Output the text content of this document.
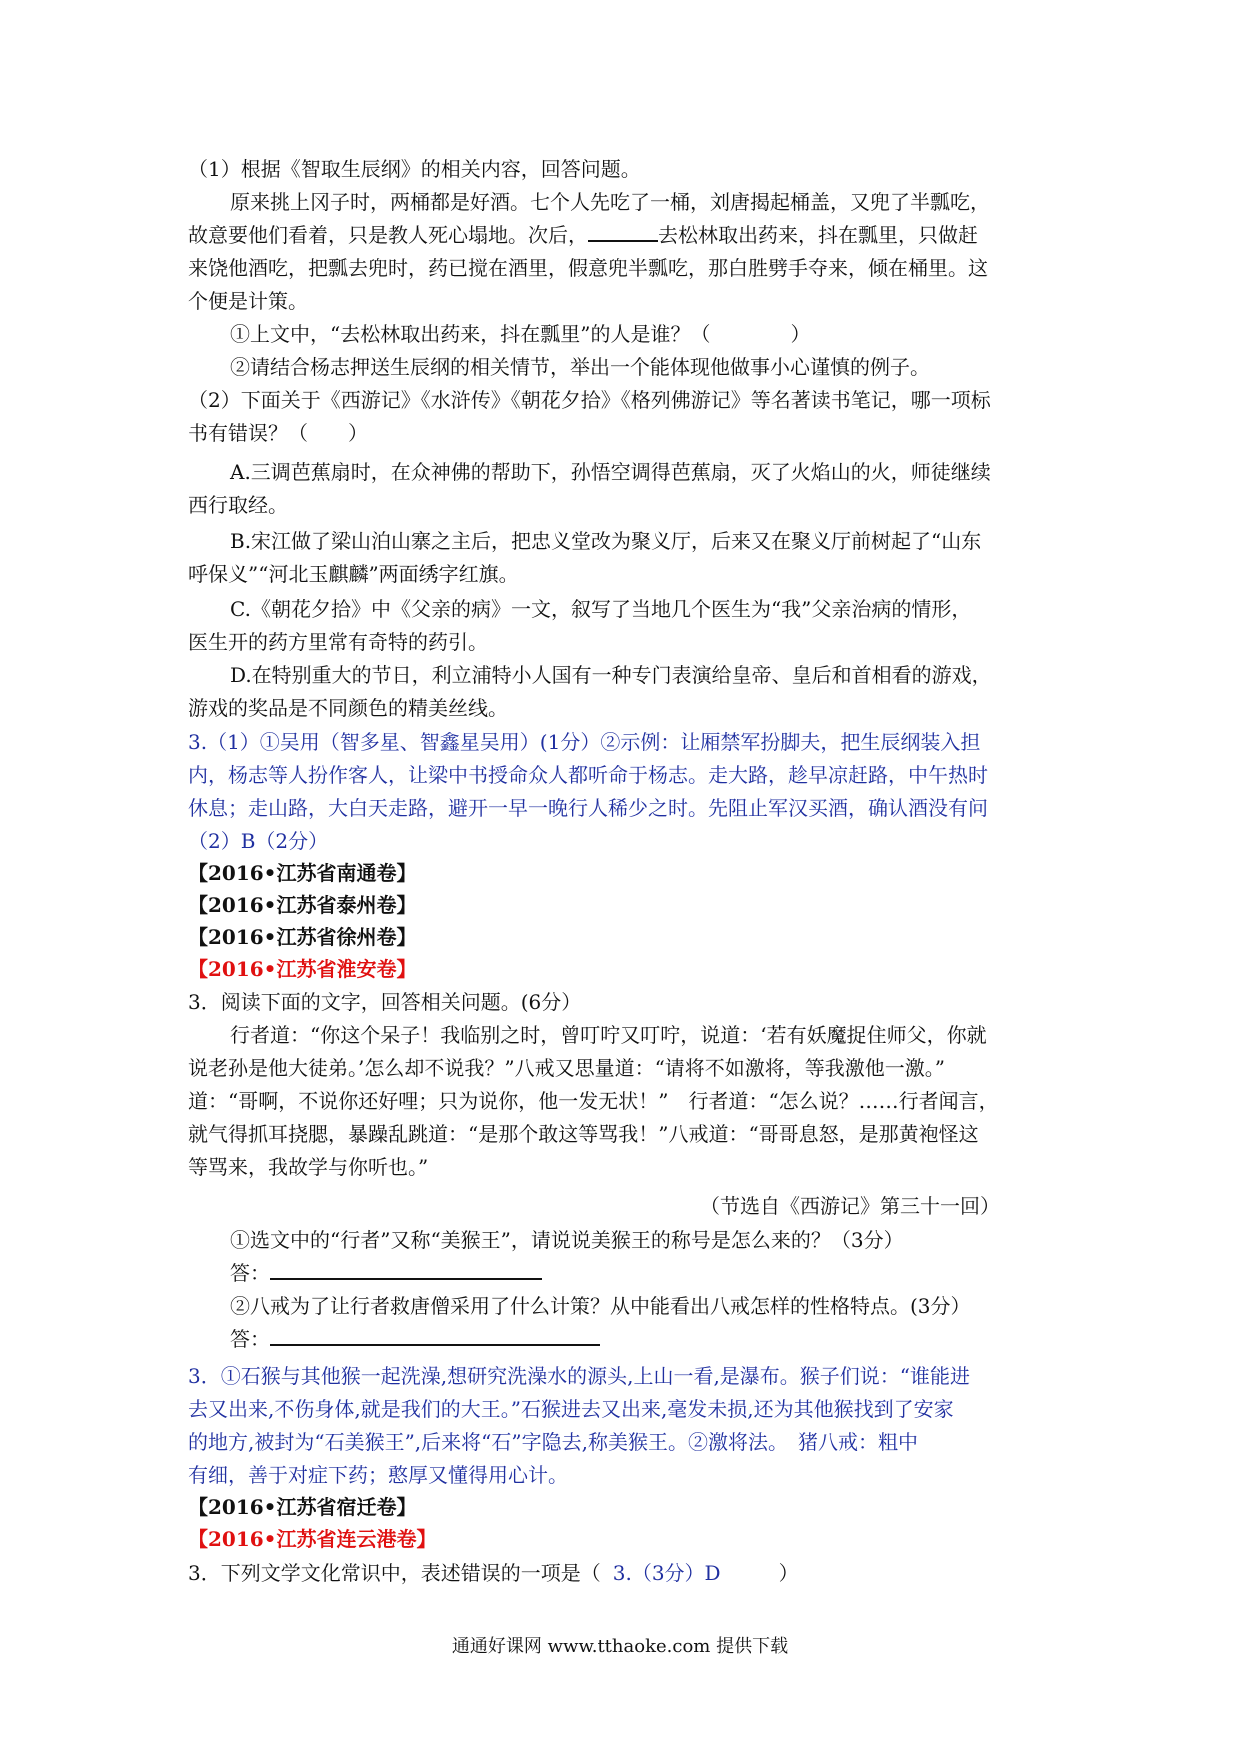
（1）根据《智取生辰纲》的相关内容，回答问题。
原来挑上冈子时，两桶都是好酒。七个人先吃了一桶，刘唐揭起桶盖，又兜了半瓢吃，
故意要他们看着，只是教人死心塌地。次后，	去松林取出药来，抖在瓢里，只做赶
来饶他酒吃，把瓢去兜时，药已搅在酒里，假意兜半瓢吃，那白胜劈手夺来，倾在桶里。这
个便是计策。
①上文中，“去松林取出药来，抖在瓢里”的人是谁？（　　　　）
②请结合杨志押送生辰纲的相关情节，举出一个能体现他做事小心谨慎的例子。
（2）下面关于《西游记》《水浒传》《朝花夕拾》《格列佛游记》等名著读书笔记，哪一项标
书有错误？（　　）
A.三调芭蕉扇时，在众神佛的帮助下，孙悟空调得芭蕉扇，灭了火焰山的火，师徒继续
西行取经。
B.宋江做了梁山泊山寨之主后，把忠义堂改为聚义厅，后来又在聚义厅前树起了“山东
呼保义”“河北玉麒麟”两面绣字红旗。
C.《朝花夕拾》中《父亲的病》一文，叙写了当地几个医生为“我”父亲治病的情形，
医生开的药方里常有奇特的药引。
D.在特别重大的节日，利立浦特小人国有一种专门表演给皇帝、皇后和首相看的游戏，
游戏的奖品是不同颜色的精美丝线。
3.（1）①吴用（智多星、智鑫星吴用）(1分）②示例：让厢禁军扮脚夫，把生辰纲装入担
内，杨志等人扮作客人，让梁中书授命众人都听命于杨志。走大路，趁早凉赶路，中午热时
休息；走山路，大白天走路，避开一早一晚行人稀少之时。先阻止军汉买酒，确认酒没有问
（2）B（2分）
【2016•江苏省南通卷】
【2016•江苏省泰州卷】
【2016•江苏省徐州卷】
【2016•江苏省淮安卷】
3．阅读下面的文字，回答相关问题。(6分）
行者道：“你这个呆子！我临别之时，曾叮咛又叮咛，说道：‘若有妖魔捉住师父，你就
说老孙是他大徒弟。’怎么却不说我？”八戒又思量道：“请将不如激将，等我激他一激。”
道：“哥啊，不说你还好哩；只为说你，他一发无状！”　行者道：“怎么说？……行者闻言，
就气得抓耳挠腮，暴躁乱跳道：“是那个敢这等骂我！”八戒道：“哥哥息怒，是那黄袍怪这
等骂来，我故学与你听也。”
（节选自《西游记》第三十一回）
①选文中的“行者”又称“美猴王”，请说说美猴王的称号是怎么来的？（3分）
答：
②八戒为了让行者救唐僧采用了什么计策？从中能看出八戒怎样的性格特点。(3分）
答：
3．①石猴与其他猴一起洗澡,想研究洗澡水的源头,上山一看,是瀑布。猴子们说：“谁能进
去又出来,不伤身体,就是我们的大王。”石猴进去又出来,毫发未损,还为其他猴找到了安家
的地方,被封为“石美猴王”,后来将“石”字隐去,称美猴王。②激将法。　猪八戒：粗中
有细，善于对症下药；憨厚又懂得用心计。
【2016•江苏省宿迁卷】
【2016•江苏省连云港卷】
3．下列文学文化常识中，表述错误的一项是（ 3.（3分）D	）
通通好课网 www.tthaoke.com 提供下载
